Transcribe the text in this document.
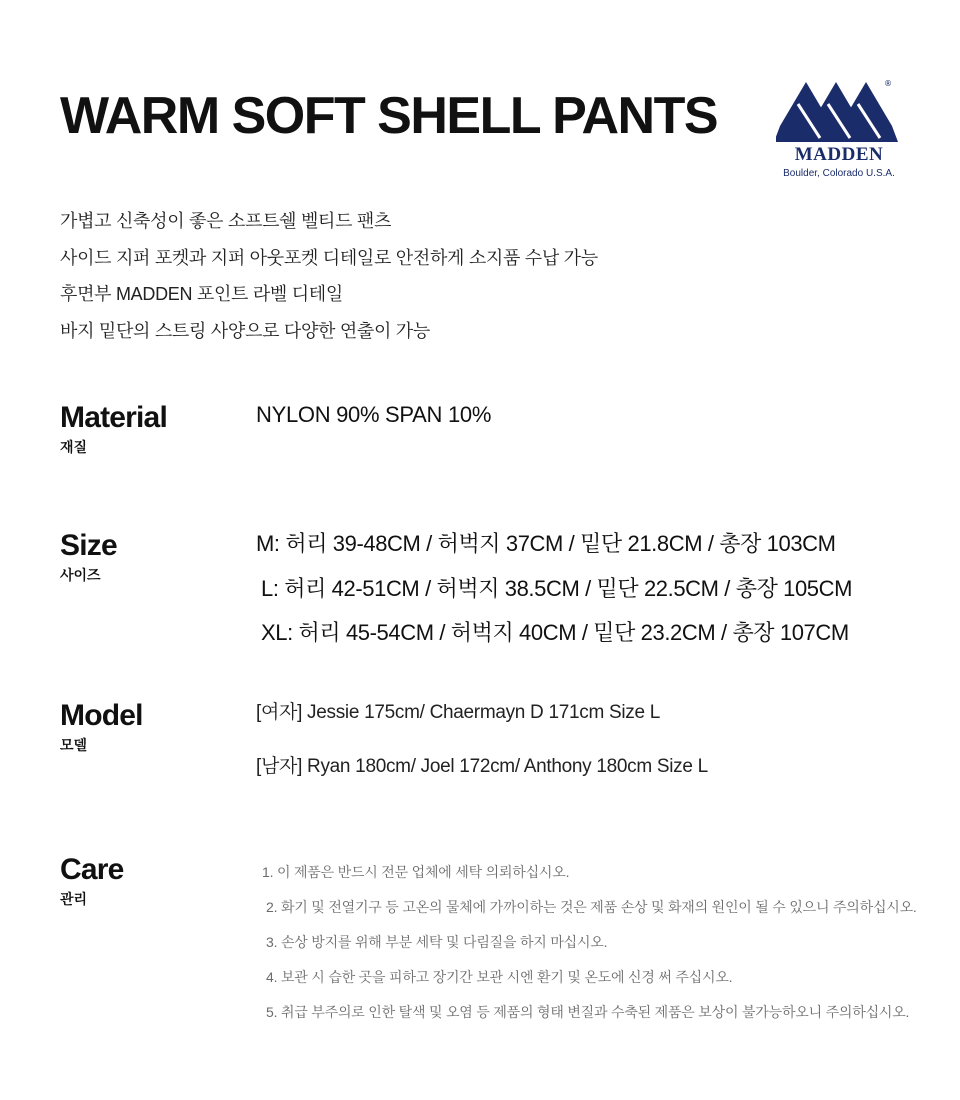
WARM SOFT SHELL PANTS
®
MADDEN
Boulder, Colorado U.S.A.
가볍고 신축성이 좋은 소프트쉘 벨티드 팬츠
사이드 지퍼 포켓과 지퍼 아웃포켓 디테일로 안전하게 소지품 수납 가능
후면부 MADDEN 포인트 라벨 디테일
바지 밑단의 스트링 사양으로 다양한 연출이 가능
Material
재질
NYLON 90% SPAN 10%
Size
사이즈
M: 허리 39-48CM / 허벅지 37CM / 밑단 21.8CM / 총장 103CM
L: 허리 42-51CM / 허벅지 38.5CM / 밑단 22.5CM / 총장 105CM
XL: 허리 45-54CM / 허벅지 40CM / 밑단 23.2CM / 총장 107CM
Model
모델
[여자] Jessie 175cm/ Chaermayn D 171cm Size L
[남자] Ryan 180cm/ Joel 172cm/ Anthony 180cm Size L
Care
관리
1. 이 제품은 반드시 전문 업체에 세탁 의뢰하십시오.
2. 화기 및 전열기구 등 고온의 물체에 가까이하는 것은 제품 손상 및 화재의 원인이 될 수 있으니 주의하십시오.
3. 손상 방지를 위해 부분 세탁 및 다림질을 하지 마십시오.
4. 보관 시 습한 곳을 피하고 장기간 보관 시엔 환기 및 온도에 신경 써 주십시오.
5. 취급 부주의로 인한 탈색 및 오염 등 제품의 형태 변질과 수축된 제품은 보상이 불가능하오니 주의하십시오.
